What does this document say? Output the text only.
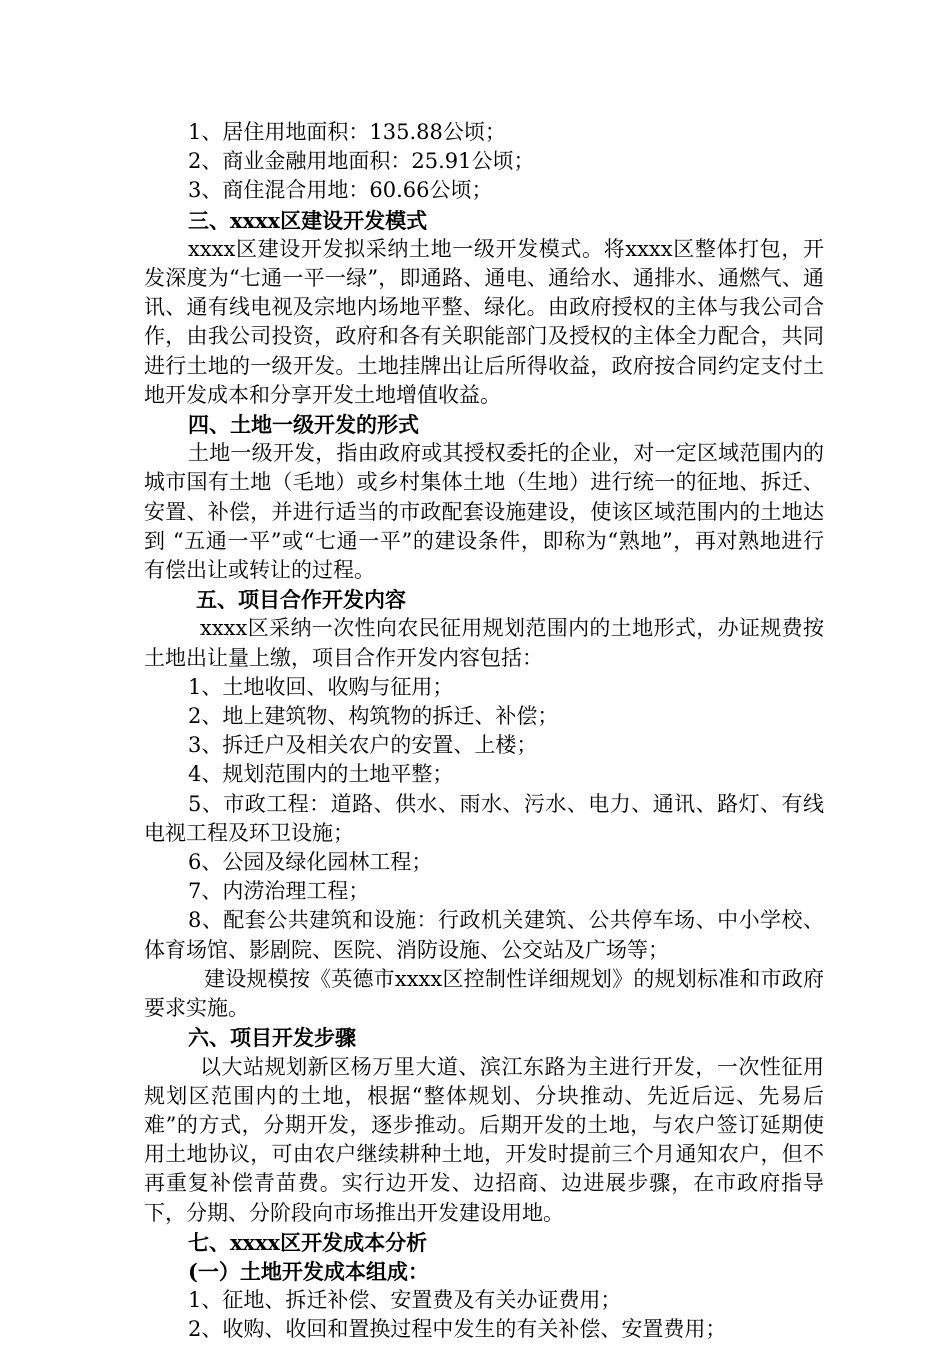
1、居住用地面积：135.88公顷；

2、商业金融用地面积：25.91公顷；

3、商住混合用地：60.66公顷；

三、xxxx区建设开发模式

xxxx区建设开发拟采纳土地一级开发模式。将xxxx区整体打包，开发深度为“七通一平一绿”，即通路、通电、通给水、通排水、通燃气、通讯、通有线电视及宗地内场地平整、绿化。由政府授权的主体与我公司合作，由我公司投资，政府和各有关职能部门及授权的主体全力配合，共同进行土地的一级开发。土地挂牌出让后所得收益，政府按合同约定支付土地开发成本和分享开发土地增值收益。

四、土地一级开发的形式

土地一级开发，指由政府或其授权委托的企业，对一定区域范围内的城市国有土地（毛地）或乡村集体土地（生地）进行统一的征地、拆迁、安置、补偿，并进行适当的市政配套设施建设，使该区域范围内的土地达到 “五通一平”或“七通一平”的建设条件，即称为“熟地”，再对熟地进行有偿出让或转让的过程。

五、项目合作开发内容

xxxx区采纳一次性向农民征用规划范围内的土地形式，办证规费按土地出让量上缴，项目合作开发内容包括：

1、土地收回、收购与征用；

2、地上建筑物、构筑物的拆迁、补偿；

3、拆迁户及相关农户的安置、上楼；

4、规划范围内的土地平整；

5、市政工程：道路、供水、雨水、污水、电力、通讯、路灯、有线电视工程及环卫设施；

6、公园及绿化园林工程；

7、内涝治理工程；

8、配套公共建筑和设施：行政机关建筑、公共停车场、中小学校、体育场馆、影剧院、医院、消防设施、公交站及广场等；

建设规模按《英德市xxxx区控制性详细规划》的规划标准和市政府要求实施。

六、项目开发步骤

以大站规划新区杨万里大道、滨江东路为主进行开发，一次性征用规划区范围内的土地，根据“整体规划、分块推动、先近后远、先易后难”的方式，分期开发，逐步推动。后期开发的土地，与农户签订延期使用土地协议，可由农户继续耕种土地，开发时提前三个月通知农户，但不再重复补偿青苗费。实行边开发、边招商、边进展步骤，在市政府指导下，分期、分阶段向市场推出开发建设用地。

七、xxxx区开发成本分析

(一）土地开发成本组成：

1、征地、拆迁补偿、安置费及有关办证费用；

2、收购、收回和置换过程中发生的有关补偿、安置费用；
